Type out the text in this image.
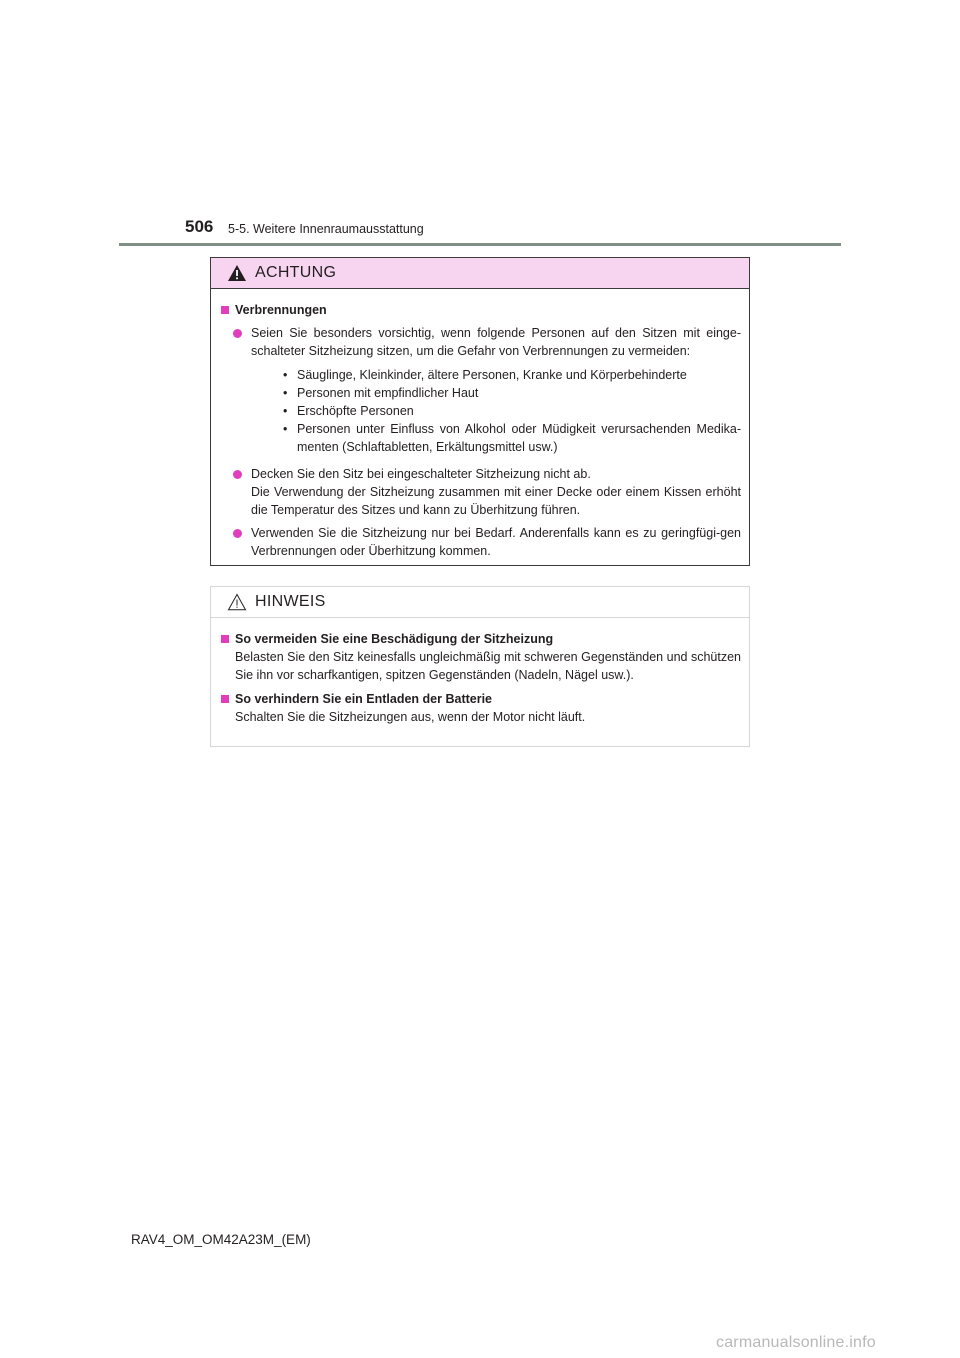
506 5-5. Weitere Innenraumausstattung
ACHTUNG
Verbrennungen
Seien Sie besonders vorsichtig, wenn folgende Personen auf den Sitzen mit einge-schalteter Sitzheizung sitzen, um die Gefahr von Verbrennungen zu vermeiden:
• Säuglinge, Kleinkinder, ältere Personen, Kranke und Körperbehinderte
• Personen mit empfindlicher Haut
• Erschöpfte Personen
• Personen unter Einfluss von Alkohol oder Müdigkeit verursachenden Medika-menten (Schlaftabletten, Erkältungsmittel usw.)
Decken Sie den Sitz bei eingeschalteter Sitzheizung nicht ab.
Die Verwendung der Sitzheizung zusammen mit einer Decke oder einem Kissen erhöht die Temperatur des Sitzes und kann zu Überhitzung führen.
Verwenden Sie die Sitzheizung nur bei Bedarf. Anderenfalls kann es zu geringfügi-gen Verbrennungen oder Überhitzung kommen.
HINWEIS
So vermeiden Sie eine Beschädigung der Sitzheizung
Belasten Sie den Sitz keinesfalls ungleichmäßig mit schweren Gegenständen und schützen Sie ihn vor scharfkantigen, spitzen Gegenständen (Nadeln, Nägel usw.).
So verhindern Sie ein Entladen der Batterie
Schalten Sie die Sitzheizungen aus, wenn der Motor nicht läuft.
RAV4_OM_OM42A23M_(EM)
carmanualsonline.info
